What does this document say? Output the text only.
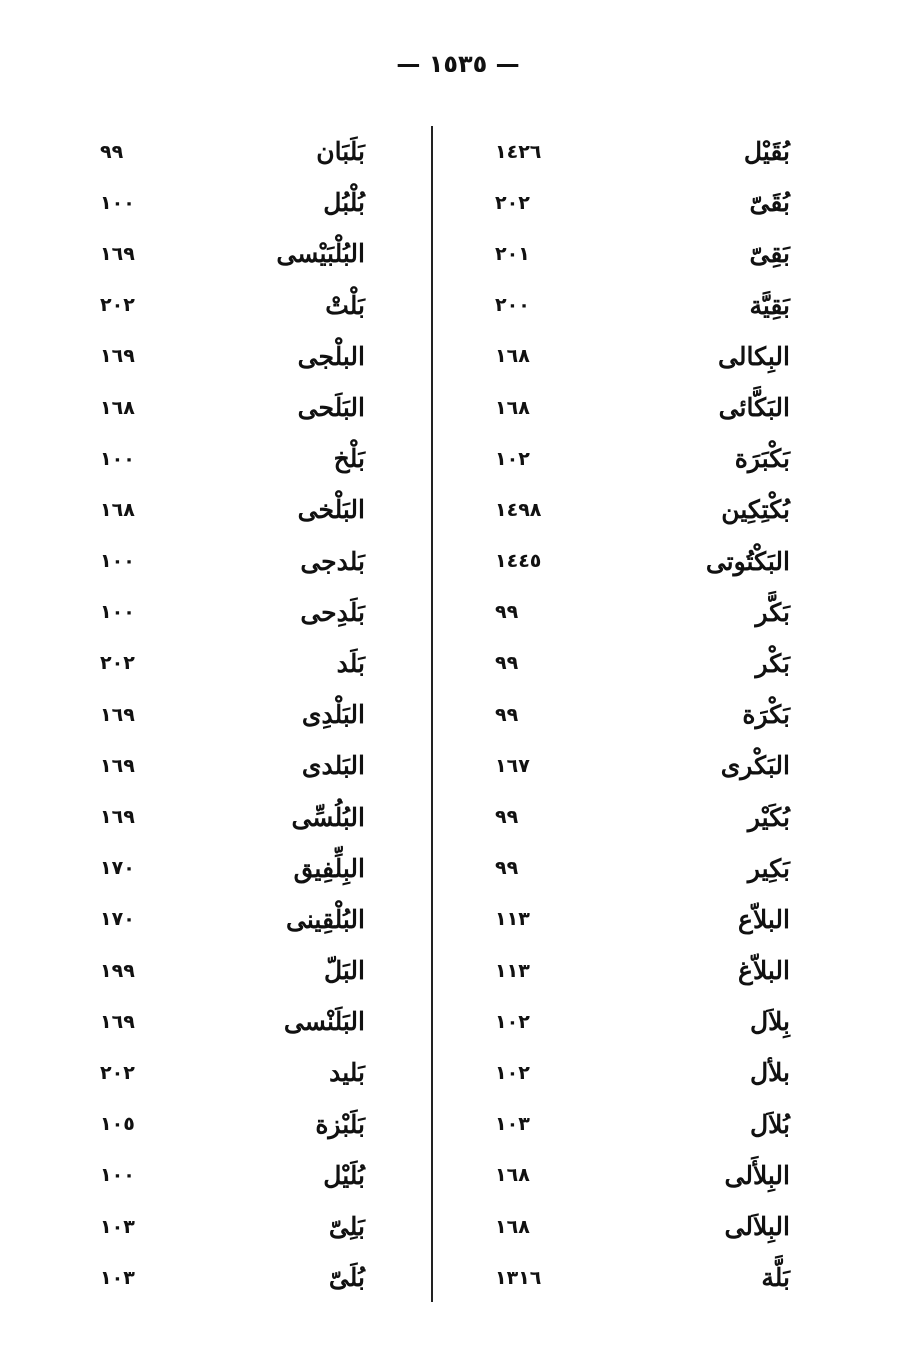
— ١٥٣٥ —
١٤٢٦	بُقَيْل
٢٠٢	بُقَىّ
٢٠١	بَقِىّ
٢٠٠	بَقِيَّة
١٦٨	البِكالى
١٦٨	البَكَّائى
١٠٢	بَكْبَرَة
١٤٩٨	بُكْتِكِين
١٤٤٥	البَكْتُوتى
٩٩	بَكَّر
٩٩	بَكْر
٩٩	بَكْرَة
١٦٧	البَكْرى
٩٩	بُكَيْر
٩٩	بَكِير
١١٣	البلاّع
١١٣	البلاّغ
١٠٢	بِلاَل
١٠٢	بلأل
١٠٣	بُلاَل
١٦٨	البِلأَلى
١٦٨	البِلاَلى
١٣١٦	بَلَّة
٩٩	بَلَبَان
١٠٠	بُلْبُل
١٦٩	البُلْبَيْسى
٢٠٢	بَلْتْ
١٦٩	البلْجى
١٦٨	البَلَحى
١٠٠	بَلْخ
١٦٨	البَلْخى
١٠٠	بَلدجى
١٠٠	بَلَدِحى
٢٠٢	بَلَد
١٦٩	البَلْدِى
١٦٩	البَلدى
١٦٩	البُلُسِّى
١٧٠	البِلِّفِيق
١٧٠	البُلْقِينى
١٩٩	البَلّ
١٦٩	البَلَنْسى
٢٠٢	بَليد
١٠٥	بَلَبْزة
١٠٠	بُلَيْل
١٠٣	بَلِىّ
١٠٣	بُلَىّ
